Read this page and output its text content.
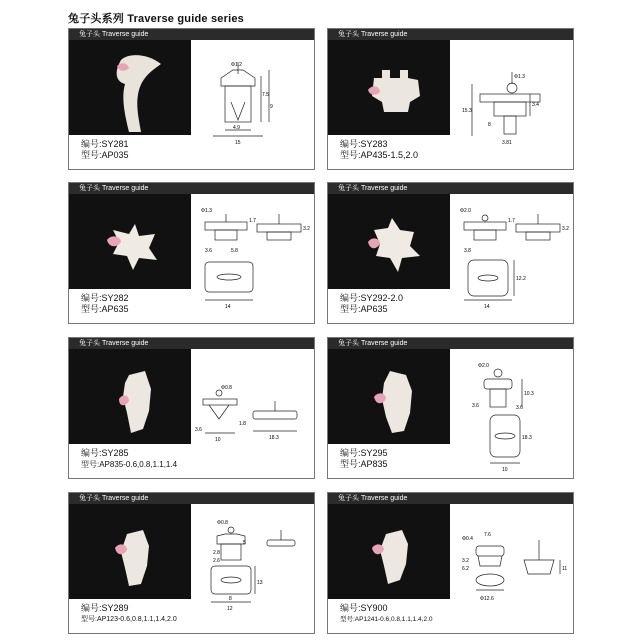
兔子头系列 Traverse guide series
兔子头 Traverse guide
Φ1.2
7.5
9
4.9
15
编号:SY281
型号:AP035
兔子头 Traverse guide
Φ1.3
15.3
3.4
8
3.81
编号:SY283
型号:AP435-1.5,2.0
兔子头 Traverse guide
Φ1.3
1.7
3.2
3.6	5.8
14
编号:SY282
型号:AP635
兔子头 Traverse guide
Φ2.0
1.7
3.2
3.8
12.2
14
编号:SY292-2.0
型号:AP635
兔子头 Traverse guide
Φ0.8
3.6
10
1.8
18.3
编号:SY285
型号:AP835-0.6,0.8,1.1,1.4
兔子头 Traverse guide
Φ2.0
10.3
3.6	3.6
18.3
10
编号:SY295
型号:AP835
兔子头 Traverse guide
Φ0.8
5
2.8
2.6
13
8
12
编号:SY289
型号:AP123-0.6,0.8,1.1,1.4,2.0
兔子头 Traverse guide
Φ0.4
7.6
3.2
6.2
Φ12.6
11
编号:SY900
型号:AP1241-0.6,0.8,1.1,1.4,2.0
